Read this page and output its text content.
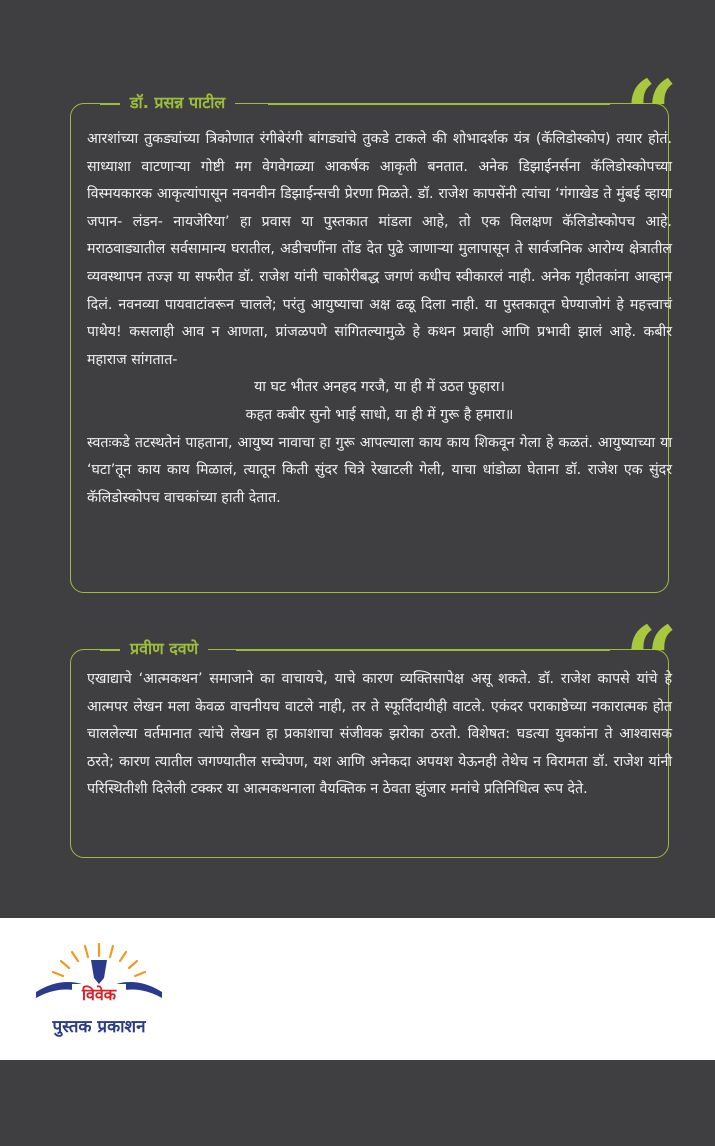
डॉ. प्रसन्न पाटील	“

आरशांच्या तुकड्यांच्या त्रिकोणात रंगीबेरंगी बांगड्यांचे तुकडे टाकले की शोभादर्शक यंत्र (कॅलिडोस्कोप) तयार होतं. साध्याशा वाटणाऱ्या गोष्टी मग वेगवेगळ्या आकर्षक आकृती बनतात. अनेक डिझाईनर्सना कॅलिडोस्कोपच्या विस्मयकारक आकृत्यांपासून नवनवीन डिझाईन्सची प्रेरणा मिळते. डॉ. राजेश कापसेंनी त्यांचा ‘गंगाखेड ते मुंबई व्हाया जपान- लंडन- नायजेरिया’ हा प्रवास या पुस्तकात मांडला आहे, तो एक विलक्षण कॅलिडोस्कोपच आहे. मराठवाड्यातील सर्वसामान्य घरातील, अडीचणींना तोंड देत पुढे जाणाऱ्या मुलापासून ते सार्वजनिक आरोग्य क्षेत्रातील व्यवस्थापन तज्ज्ञ या सफरीत डॉ. राजेश यांनी चाकोरीबद्ध जगणं कधीच स्वीकारलं नाही. अनेक गृहीतकांना आव्हान दिलं. नवनव्या पायवाटांवरून चालले; परंतु आयुष्याचा अक्ष ढळू दिला नाही. या पुस्तकातून घेण्याजोगं हे महत्त्वाचं पाथेय! कसलाही आव न आणता, प्रांजळपणे सांगितल्यामुळे हे कथन प्रवाही आणि प्रभावी झालं आहे. कबीर महाराज सांगतात-

या घट भीतर अनहद गरजै, या ही में उठत फुहारा।

कहत कबीर सुनो भाई साधो, या ही में गुरू है हमारा॥

स्वतःकडे तटस्थतेनं पाहताना, आयुष्य नावाचा हा गुरू आपल्याला काय काय शिकवून गेला हे कळतं. आयुष्याच्या या ‘घटा’तून काय काय मिळालं, त्यातून किती सुंदर चित्रे रेखाटली गेली, याचा धांडोळा घेताना डॉ. राजेश एक सुंदर कॅलिडोस्कोपच वाचकांच्या हाती देतात.

प्रवीण दवणे	“

एखाद्याचे ‘आत्मकथन’ समाजाने का वाचायचे, याचे कारण व्यक्तिसापेक्ष असू शकते. डॉ. राजेश कापसे यांचे हे आत्मपर लेखन मला केवळ वाचनीयच वाटले नाही, तर ते स्फूर्तिदायीही वाटले. एकंदर पराकाष्ठेच्या नकारात्मक होत चाललेल्या वर्तमानात त्यांचे लेखन हा प्रकाशाचा संजीवक झरोका ठरतो. विशेषत: घडत्या युवकांना ते आश्वासक ठरते; कारण त्यातील जगण्यातील सच्चेपण, यश आणि अनेकदा अपयश येऊनही तेथेच न विरामता डॉ. राजेश यांनी परिस्थितीशी दिलेली टक्कर या आत्मकथनाला वैयक्तिक न ठेवता झुंजार मनांचे प्रतिनिधित्व रूप देते.

विवेक
पुस्तक प्रकाशन
